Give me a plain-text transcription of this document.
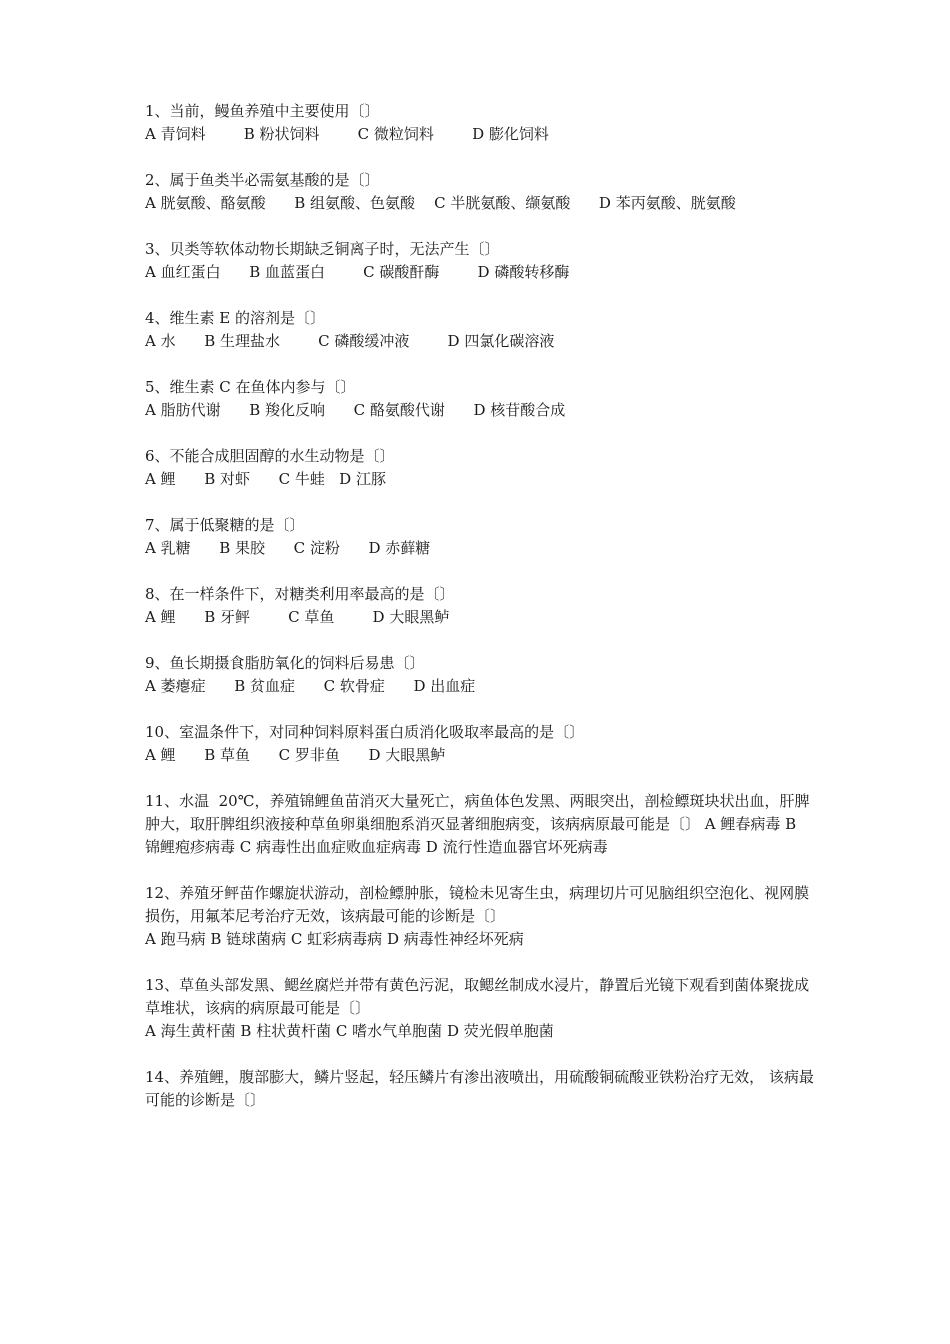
1、当前，鳗鱼养殖中主要使用〔〕

A 青饲料        B 粉状饲料        C 微粒饲料        D 膨化饲料

2、属于鱼类半必需氨基酸的是〔〕

A 胱氨酸、酪氨酸      B 组氨酸、色氨酸    C 半胱氨酸、缬氨酸      D 苯丙氨酸、胱氨酸

3、贝类等软体动物长期缺乏铜离子时，无法产生〔〕

A 血红蛋白      B 血蓝蛋白        C 碳酸酐酶        D 磷酸转移酶

4、维生素 E 的溶剂是〔〕

A 水      B 生理盐水        C 磷酸缓冲液        D 四氯化碳溶液

5、维生素 C 在鱼体内参与〔〕

A 脂肪代谢      B 羧化反响      C 酪氨酸代谢      D 核苷酸合成

6、不能合成胆固醇的水生动物是〔〕

A 鲤      B 对虾      C 牛蛙   D 江豚

7、属于低聚糖的是〔〕

A 乳糖      B 果胶      C 淀粉      D 赤藓糖

8、在一样条件下，对糖类利用率最高的是〔〕

A 鲤      B 牙鲆        C 草鱼        D 大眼黑鲈

9、鱼长期摄食脂肪氧化的饲料后易患〔〕

A 萎瘪症      B 贫血症      C 软骨症      D 出血症

10、室温条件下，对同种饲料原料蛋白质消化吸取率最高的是〔〕

A 鲤      B 草鱼      C 罗非鱼      D 大眼黑鲈

11、水温  20℃，养殖锦鲤鱼苗消灭大量死亡，病鱼体色发黑、两眼突出，剖检鳔斑块状出血，肝脾肿大，取肝脾组织液接种草鱼卵巢细胞系消灭显著细胞病变，该病病原最可能是〔〕 A 鲤春病毒 B 锦鲤疱疹病毒 C 病毒性出血症败血症病毒 D 流行性造血器官坏死病毒

12、养殖牙鲆苗作螺旋状游动，剖检鳔肿胀，镜检未见寄生虫，病理切片可见脑组织空泡化、视网膜损伤，用氟苯尼考治疗无效，该病最可能的诊断是〔〕

A 跑马病 B 链球菌病 C 虹彩病毒病 D 病毒性神经坏死病

13、草鱼头部发黑、鳃丝腐烂并带有黄色污泥，取鳃丝制成水浸片，静置后光镜下观看到菌体聚拢成草堆状，该病的病原最可能是〔〕

A 海生黄杆菌 B 柱状黄杆菌 C 嗜水气单胞菌 D 荧光假单胞菌

14、养殖鲤，腹部膨大，鳞片竖起，轻压鳞片有渗出液喷出，用硫酸铜硫酸亚铁粉治疗无效， 该病最可能的诊断是〔〕
